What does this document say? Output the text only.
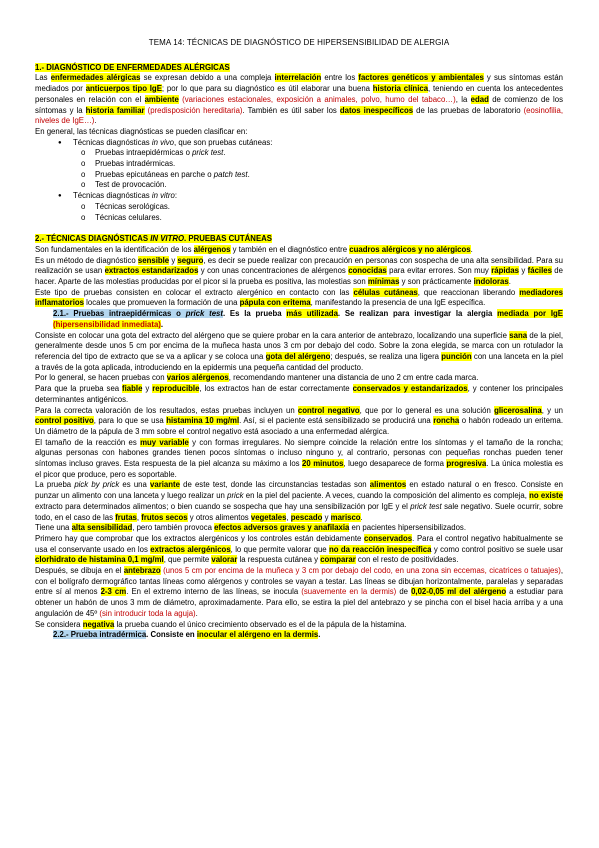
TEMA 14: TÉCNICAS DE DIAGNÓSTICO DE HIPERSENSIBILIDAD DE ALERGIA
1.- DIAGNÓSTICO DE ENFERMEDADES ALÉRGICAS

Las enfermedades alérgicas se expresan debido a una compleja interrelación entre los factores genéticos y ambientales y sus síntomas están mediados por anticuerpos tipo IgE; por lo que para su diagnóstico es útil elaborar una buena historia clínica, teniendo en cuenta los antecedentes personales en relación con el ambiente (variaciones estacionales, exposición a animales, polvo, humo del tabaco…), la edad de comienzo de los síntomas y la historia familiar (predisposición hereditaria). También es útil saber los datos inespecíficos de las pruebas de laboratorio (eosinofilia, niveles de IgE…).

En general, las técnicas diagnósticas se pueden clasificar en:

● Técnicas diagnósticas in vivo, que son pruebas cutáneas:
o Pruebas intraepidérmicas o prick test.
o Pruebas intradérmicas.
o Pruebas epicutáneas en parche o patch test.
o Test de provocación.
● Técnicas diagnósticas in vitro:
o Técnicas serológicas.
o Técnicas celulares.
2.- TÉCNICAS DIAGNÓSTICAS IN VITRO. PRUEBAS CUTÁNEAS

Son fundamentales en la identificación de los alérgenos y también en el diagnóstico entre cuadros alérgicos y no alérgicos.

Es un método de diagnóstico sensible y seguro, es decir se puede realizar con precaución en personas con sospecha de una alta sensibilidad. Para su realización se usan extractos estandarizados y con unas concentraciones de alérgenos conocidas para evitar errores. Son muy rápidas y fáciles de hacer. Aparte de las molestias producidas por el picor si la prueba es positiva, las molestias son mínimas y son prácticamente indoloras.

Este tipo de pruebas consisten en colocar el extracto alergénico en contacto con las células cutáneas, que reaccionan liberando mediadores inflamatorios locales que promueven la formación de una pápula con eritema, manifestando la presencia de una IgE específica.

2.1.- Pruebas intraepidérmicas o prick test. Es la prueba más utilizada. Se realizan para investigar la alergia mediada por IgE (hipersensibilidad inmediata).

Consiste en colocar una gota del extracto del alérgeno que se quiere probar en la cara anterior de antebrazo, localizando una superficie sana de la piel, generalmente desde unos 5 cm por encima de la muñeca hasta unos 3 cm por debajo del codo. Sobre la zona elegida, se marca con un rotulador la referencia del tipo de extracto que se va a aplicar y se coloca una gota del alérgeno; después, se realiza una ligera punción con una lanceta en la piel a través de la gota aplicada, introduciendo en la epidermis una pequeña cantidad del producto.

Por lo general, se hacen pruebas con varios alérgenos, recomendando mantener una distancia de uno 2 cm entre cada marca.

Para que la prueba sea fiable y reproducible, los extractos han de estar correctamente conservados y estandarizados, y contener los principales determinantes antigénicos.

Para la correcta valoración de los resultados, estas pruebas incluyen un control negativo, que por lo general es una solución glicerosalina, y un control positivo, para lo que se usa histamina 10 mg/ml. Así, si el paciente está sensibilizado se producirá una roncha o habón rodeado un eritema. Un diámetro de la pápula de 3 mm sobre el control negativo está asociado a una enfermedad alérgica.

El tamaño de la reacción es muy variable y con formas irregulares. No siempre coincide la relación entre los síntomas y el tamaño de la roncha; algunas personas con habones grandes tienen pocos síntomas o incluso ninguno y, al contrario, personas con pequeñas ronchas pueden tener síntomas incluso graves. Esta respuesta de la piel alcanza su máximo a los 20 minutos, luego desaparece de forma progresiva. La única molestia es el picor que produce, pero es soportable.

La prueba pick by prick es una variante de este test, donde las circunstancias testadas son alimentos en estado natural o en fresco. Consiste en punzar un alimento con una lanceta y luego realizar un prick en la piel del paciente. A veces, cuando la composición del alimento es compleja, no existe extracto para determinados alimentos; o bien cuando se sospecha que hay una sensibilización por IgE y el prick test sale negativo. Suele ocurrir, sobre todo, en el caso de las frutas, frutos secos y otros alimentos vegetales, pescado y marisco.

Tiene una alta sensibilidad, pero también provoca efectos adversos graves y anafilaxia en pacientes hipersensibilizados.

Primero hay que comprobar que los extractos alergénicos y los controles están debidamente conservados. Para el control negativo habitualmente se usa el conservante usado en los extractos alergénicos, lo que permite valorar que no da reacción inespecífica y como control positivo se suele usar clorhidrato de histamina 0,1 mg/ml, que permite valorar la respuesta cutánea y comparar con el resto de positividades.

Después, se dibuja en el antebrazo (unos 5 cm por encima de la muñeca y 3 cm por debajo del codo, en una zona sin eccemas, cicatrices o tatuajes), con el bolígrafo dermográfico tantas líneas como alérgenos y controles se vayan a testar. Las líneas se dibujan horizontalmente, paralelas y separadas entre sí al menos 2-3 cm. En el extremo interno de las líneas, se inocula (suavemente en la dermis) de 0,02-0,05 ml del alérgeno a estudiar para obtener un habón de unos 3 mm de diámetro, aproximadamente. Para ello, se estira la piel del antebrazo y se pincha con el bisel hacia arriba y a una angulación de 45º (sin introducir toda la aguja).

Se considera negativa la prueba cuando el único crecimiento observado es el de la pápula de la histamina.

2.2.- Prueba intradérmica. Consiste en inocular el alérgeno en la dermis.
